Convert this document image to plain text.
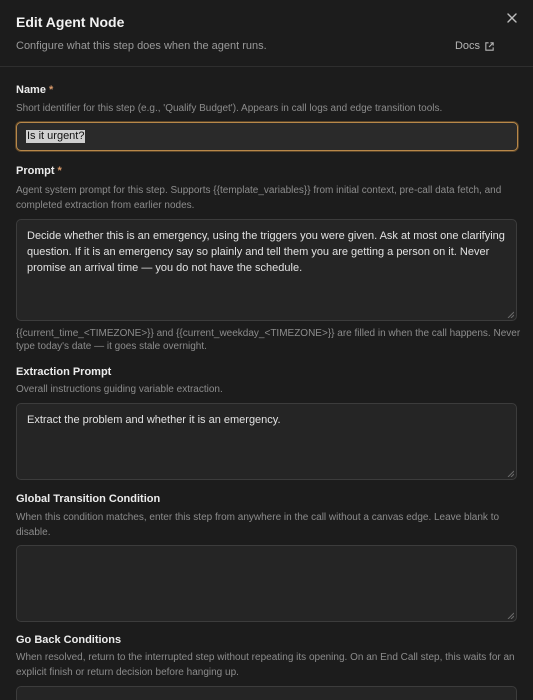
Edit Agent Node
Configure what this step does when the agent runs.	Docs
Name *
Short identifier for this step (e.g., 'Qualify Budget'). Appears in call logs and edge transition tools.
Is it urgent?
Prompt *
Agent system prompt for this step. Supports {{template_variables}} from initial context, pre-call data fetch, and completed extraction from earlier nodes.
Decide whether this is an emergency, using the triggers you were given. Ask at most one clarifying question. If it is an emergency say so plainly and tell them you are getting a person on it. Never promise an arrival time — you do not have the schedule.
{{current_time_<TIMEZONE>}} and {{current_weekday_<TIMEZONE>}} are filled in when the call happens. Never type today's date — it goes stale overnight.
Extraction Prompt
Overall instructions guiding variable extraction.
Extract the problem and whether it is an emergency.
Global Transition Condition
When this condition matches, enter this step from anywhere in the call without a canvas edge. Leave blank to disable.
Go Back Conditions
When resolved, return to the interrupted step without repeating its opening. On an End Call step, this waits for an explicit finish or return decision before hanging up.
